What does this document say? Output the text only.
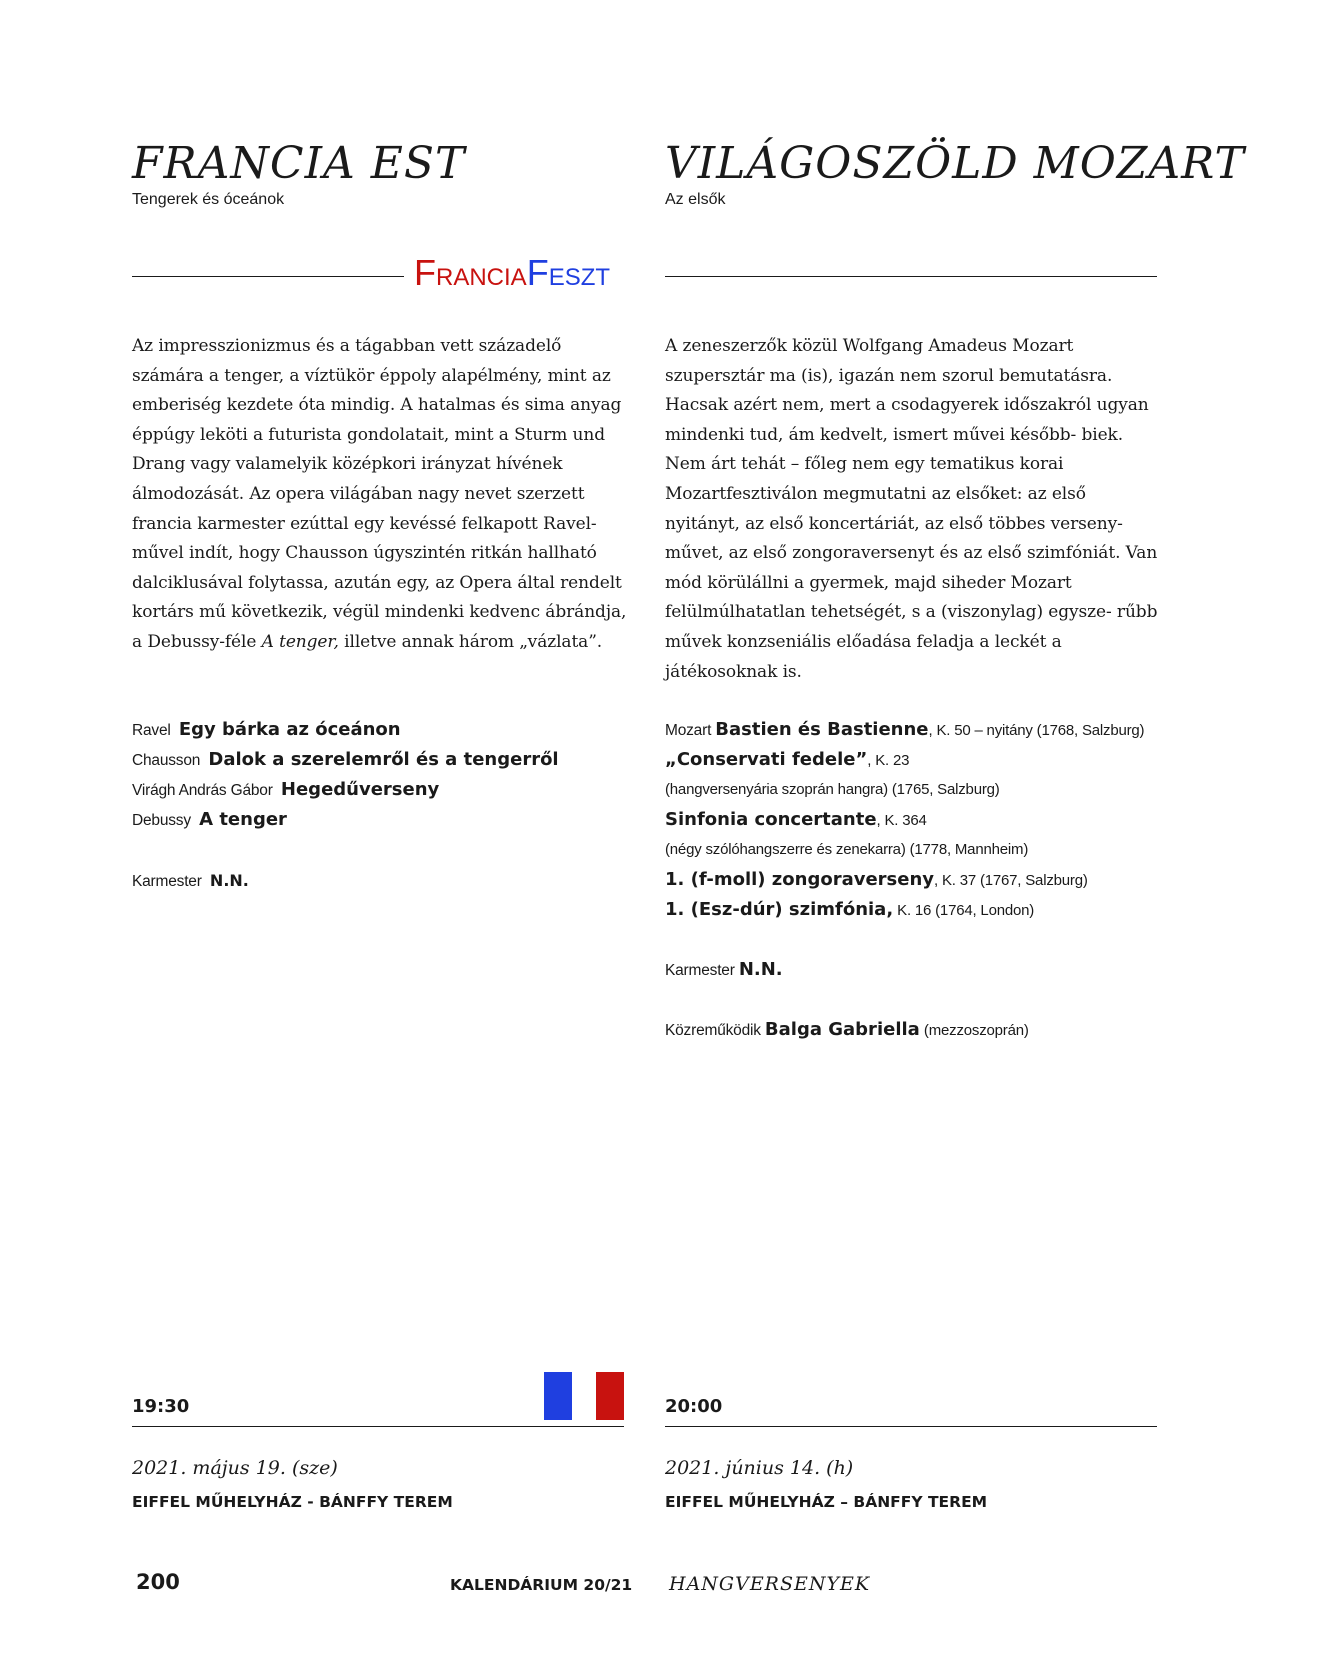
FRANCIA EST
Tengerek és óceánok
FRANCIAFESZT

Az impresszionizmus és a tágabban vett századelő számára a tenger, a víztükör éppoly alapélmény, mint az emberiség kezdete óta mindig. A hatalmas és sima anyag éppúgy leköti a futurista gondolatait, mint a Sturm und Drang vagy valamelyik középkori irányzat hívének álmodozását. Az opera világában nagy nevet szerzett francia karmester ezúttal egy kevéssé felkapott Ravel-művel indít, hogy Chausson úgyszintén ritkán hallható dalciklusával folytassa, azután egy, az Opera által rendelt kortárs mű következik, végül mindenki kedvenc ábrándja, a Debussy-féle A tenger, illetve annak három „vázlata”.

Ravel Egy bárka az óceánon
Chausson Dalok a szerelemről és a tengerről
Virágh András Gábor Hegedűverseny
Debussy A tenger
Karmester N.N.
19:30
2021. május 19. (sze)
EIFFEL MŰHELYHÁZ - BÁNFFY TEREM
VILÁGOSZÖLD MOZART
Az elsők

A zeneszerzők közül Wolfgang Amadeus Mozart szupersztár ma (is), igazán nem szorul bemutatásra. Hacsak azért nem, mert a csodagyerek időszakról ugyan mindenki tud, ám kedvelt, ismert művei később- biek. Nem árt tehát – főleg nem egy tematikus korai Mozartfesztiválon megmutatni az elsőket: az első nyitányt, az első koncertáriát, az első többes verseny- művet, az első zongoraversenyt és az első szimfóniát. Van mód körülállni a gyermek, majd siheder Mozart felülmúlhatatlan tehetségét, s a (viszonylag) egysze- rűbb művek konzseniális előadása feladja a leckét a játékosoknak is.

Mozart Bastien és Bastienne, K. 50 – nyitány (1768, Salzburg)
„Conservati fedele”, K. 23
(hangversenyária szoprán hangra) (1765, Salzburg)
Sinfonia concertante, K. 364
(négy szólóhangszerre és zenekarra) (1778, Mannheim)
1. (f-moll) zongoraverseny, K. 37 (1767, Salzburg)
1. (Esz-dúr) szimfónia, K. 16 (1764, London)
Karmester N.N.
Közreműködik Balga Gabriella (mezzoszoprán)
20:00
2021. június 14. (h)
EIFFEL MŰHELYHÁZ – BÁNFFY TEREM
200	KALENDÁRIUM 20/21 HANGVERSENYEK
